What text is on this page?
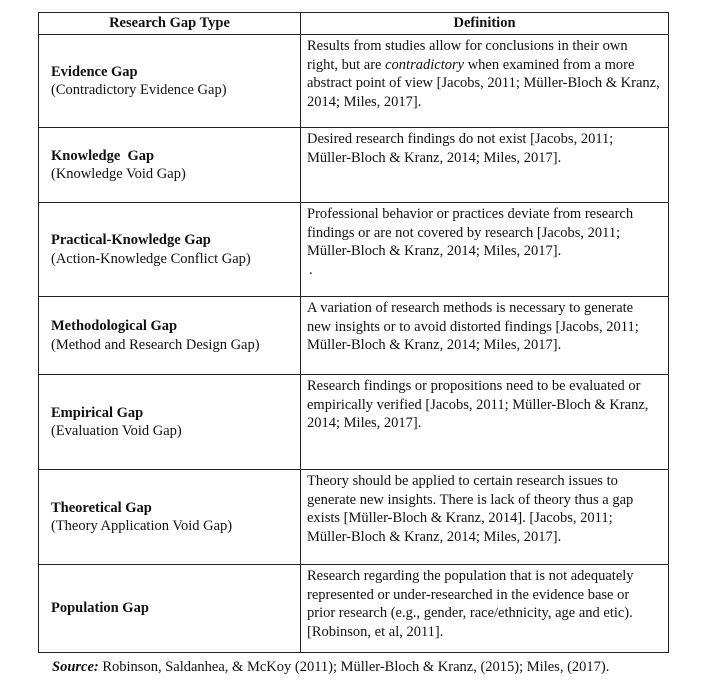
Research Gap Type	Definition

Evidence Gap
(Contradictory Evidence Gap)	Results from studies allow for conclusions in their own right, but are contradictory when examined from a more abstract point of view [Jacobs, 2011; Müller-Bloch & Kranz, 2014; Miles, 2017].

Knowledge  Gap
(Knowledge Void Gap)	Desired research findings do not exist [Jacobs, 2011; Müller-Bloch & Kranz, 2014; Miles, 2017].

Practical-Knowledge Gap
(Action-Knowledge Conflict Gap)	Professional behavior or practices deviate from research findings or are not covered by research [Jacobs, 2011; Müller-Bloch & Kranz, 2014; Miles, 2017].
.

Methodological Gap
(Method and Research Design Gap)	A variation of research methods is necessary to generate new insights or to avoid distorted findings [Jacobs, 2011; Müller-Bloch & Kranz, 2014; Miles, 2017].

Empirical Gap
(Evaluation Void Gap)	Research findings or propositions need to be evaluated or empirically verified [Jacobs, 2011; Müller-Bloch & Kranz, 2014; Miles, 2017].

Theoretical Gap
(Theory Application Void Gap)	Theory should be applied to certain research issues to generate new insights. There is lack of theory thus a gap exists [Müller-Bloch & Kranz, 2014]. [Jacobs, 2011; Müller-Bloch & Kranz, 2014; Miles, 2017].

Population Gap	Research regarding the population that is not adequately represented or under-researched in the evidence base or prior research (e.g., gender, race/ethnicity, age and etic). [Robinson, et al, 2011].
Source: Robinson, Saldanhea, & McKoy (2011); Müller-Bloch & Kranz, (2015); Miles, (2017).
